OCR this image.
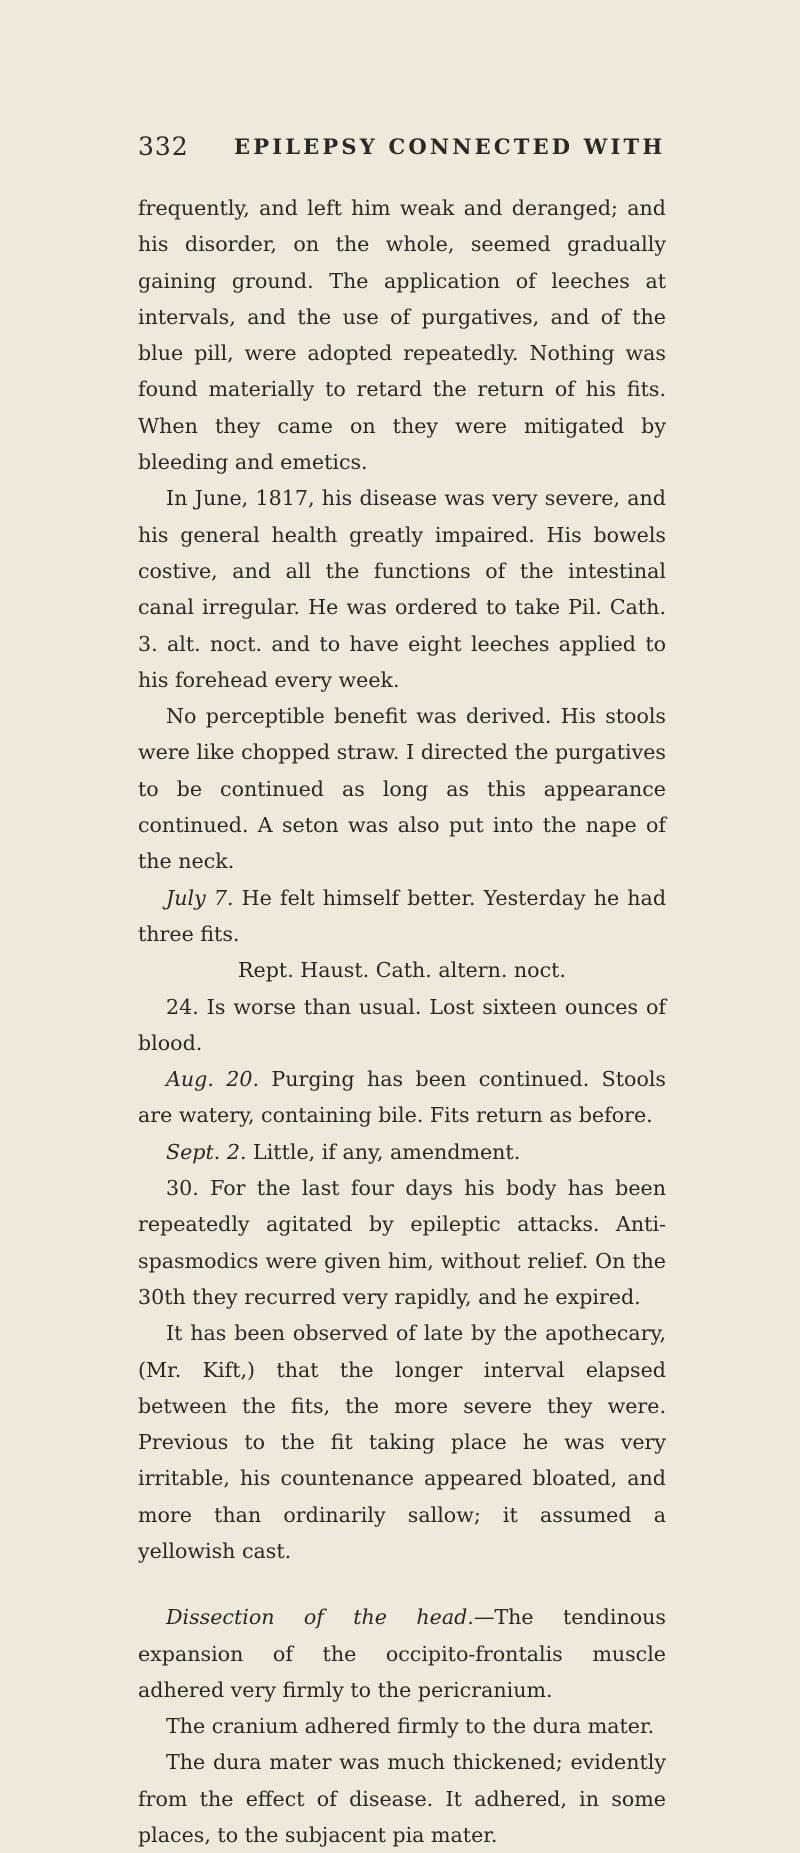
332 EPILEPSY CONNECTED WITH

frequently, and left him weak and deranged; and his disorder, on the whole, seemed gradually gaining ground. The application of leeches at intervals, and the use of purgatives, and of the blue pill, were adopted repeatedly. Nothing was found materially to retard the return of his fits. When they came on they were mitigated by bleeding and emetics.

In June, 1817, his disease was very severe, and his general health greatly impaired. His bowels costive, and all the functions of the intestinal canal irregular. He was ordered to take Pil. Cath. 3. alt. noct. and to have eight leeches applied to his forehead every week.

No perceptible benefit was derived. His stools were like chopped straw. I directed the purgatives to be continued as long as this appearance continued. A seton was also put into the nape of the neck.

July 7. He felt himself better. Yesterday he had three fits.

Rept. Haust. Cath. altern. noct.

24. Is worse than usual. Lost sixteen ounces of blood.

Aug. 20. Purging has been continued. Stools are watery, containing bile. Fits return as before.

Sept. 2. Little, if any, amendment.

30. For the last four days his body has been repeatedly agitated by epileptic attacks. Anti-spasmodics were given him, without relief. On the 30th they recurred very rapidly, and he expired.

It has been observed of late by the apothecary, (Mr. Kift,) that the longer interval elapsed between the fits, the more severe they were. Previous to the fit taking place he was very irritable, his countenance appeared bloated, and more than ordinarily sallow; it assumed a yellowish cast.

Dissection of the head.—The tendinous expansion of the occipito-frontalis muscle adhered very firmly to the pericranium.

The cranium adhered firmly to the dura mater.

The dura mater was much thickened; evidently from the effect of disease. It adhered, in some places, to the subjacent pia mater.
